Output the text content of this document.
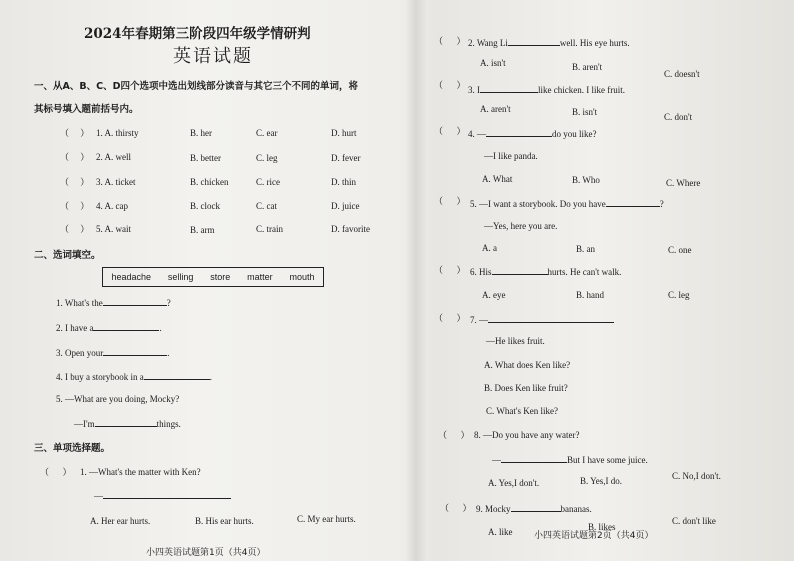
2024年春期第三阶段四年级学情研判
英语试题
一、从A、B、C、D四个选项中选出划线部分读音与其它三个不同的单词，将
其标号填入题前括号内。
（     ） 1. A. thirsty	B. her	C. ear	D. hurt
（     ） 2. A. well	B. better	C. leg	D. fever
（     ） 3. A. ticket	B. chicken	C. rice	D. thin
（     ） 4. A. cap	B. clock	C. cat	D. juice
（     ） 5. A. wait	B. arm	C. train	D. favorite
二、选词填空。
headache selling store matter mouth
1. What's the	?
2. I have a	.
3. Open your	.
4. I buy a storybook in a	.
5. —What are you doing, Mocky?
—I'm	things.
三、单项选择题。
（      ） 1. —What's the matter with Ken?
—
A. Her ear hurts.	B. His ear hurts.	C. My ear hurts.
小四英语试题第1页（共4页）
（      ） 2. Wang Li	well. His eye hurts.
A. isn't	B. aren't
C. doesn't
（      ） 3. I	like chicken. I like fruit.
A. aren't	B. isn't	C. don't
（      ） 4. —	do you like?
—I like panda.
A. What	B. Who	C. Where
（      ） 5. —I want a storybook. Do you have	?
—Yes, here you are.
A. a	B. an	C. one
（      ） 6. His	hurts. He can't walk.
A. eye	B. hand	C. leg
（      ） 7. —
—He likes fruit.
A. What does Ken like?
B. Does Ken like fruit?
C. What's Ken like?
（      ） 8. —Do you have any water?
—	But I have some juice.
A. Yes,I don't.	B. Yes,I do.	C. No,I don't.
（      ） 9. Mocky	bananas.
A. like	B. likes
C. don't like
小四英语试题第2页（共4页）
